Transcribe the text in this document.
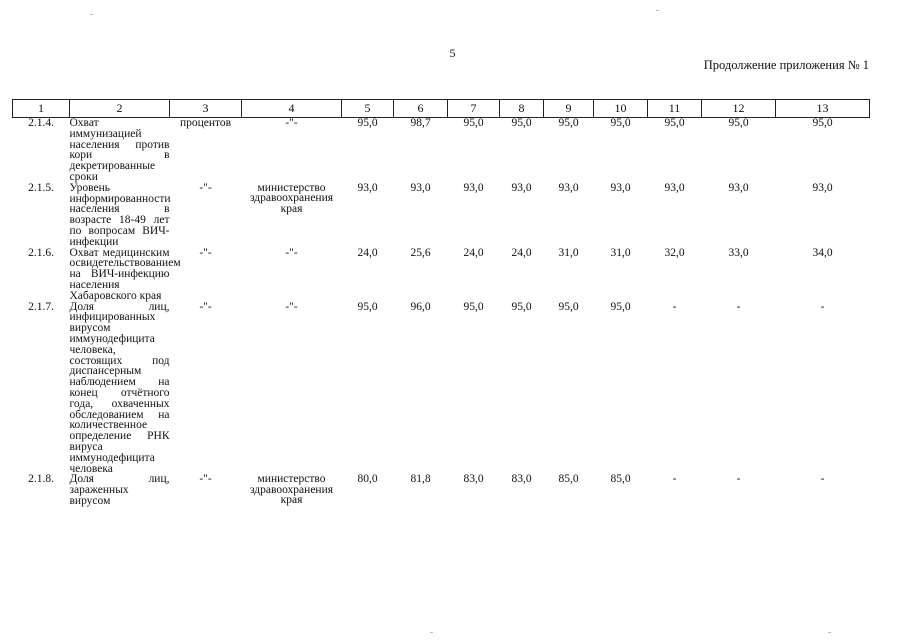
5
Продолжение приложения № 1
1	2	3	4	5	6	7	8	9	10	11	12	13
2.1.4.	Охват иммунизацией населения против кори в декретированные сроки	процентов	-"-	95,0	98,7	95,0	95,0	95,0	95,0	95,0	95,0	95,0
2.1.5.	Уровень информированности населения в возрасте 18-49 лет по вопросам ВИЧ-инфекции	-"-	министерство здравоохранения края	93,0	93,0	93,0	93,0	93,0	93,0	93,0	93,0	93,0
2.1.6.	Охват медицинским освидетельствованием на ВИЧ-инфекцию населения Хабаровского края	-"-	-"-	24,0	25,6	24,0	24,0	31,0	31,0	32,0	33,0	34,0
2.1.7.	Доля лиц, инфицированных вирусом иммунодефицита человека, состоящих под диспансерным наблюдением на конец отчётного года, охваченных обследованием на количественное определение РНК вируса иммунодефицита человека	-"-	-"-	95,0	96,0	95,0	95,0	95,0	95,0	-	-	-
2.1.8.	Доля лиц, зараженных вирусом	-"-	министерство здравоохранения края	80,0	81,8	83,0	83,0	85,0	85,0	-	-	-
